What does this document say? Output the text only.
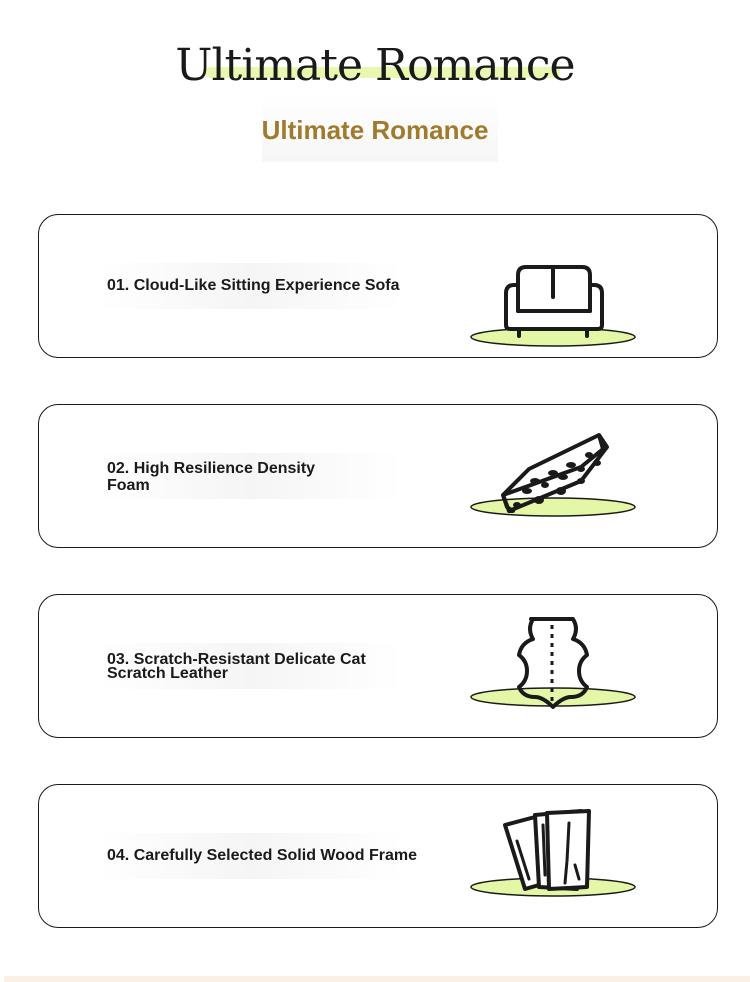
Ultimate Romance
Ultimate Romance

01. Cloud-Like Sitting Experience Sofa

02. High Resilience Density Foam

03. Scratch-Resistant Delicate Cat Scratch Leather

04. Carefully Selected Solid Wood Frame
